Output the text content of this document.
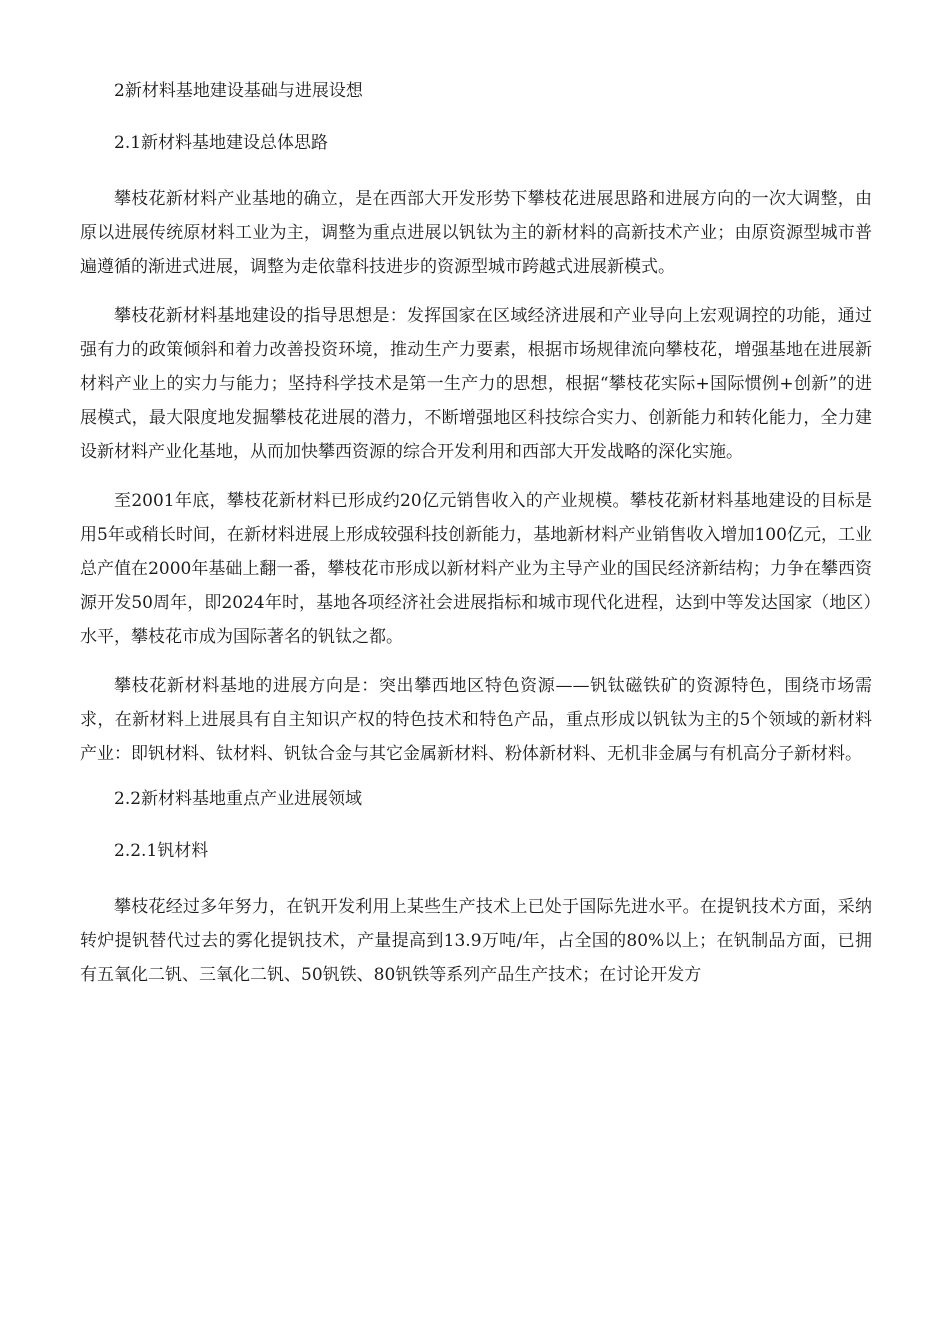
2新材料基地建设基础与进展设想

2.1新材料基地建设总体思路

攀枝花新材料产业基地的确立，是在西部大开发形势下攀枝花进展思路和进展方向的一次大调整，由原以进展传统原材料工业为主，调整为重点进展以钒钛为主的新材料的高新技术产业；由原资源型城市普遍遵循的渐进式进展，调整为走依靠科技进步的资源型城市跨越式进展新模式。

攀枝花新材料基地建设的指导思想是：发挥国家在区域经济进展和产业导向上宏观调控的功能，通过强有力的政策倾斜和着力改善投资环境，推动生产力要素，根据市场规律流向攀枝花，增强基地在进展新材料产业上的实力与能力；坚持科学技术是第一生产力的思想，根据“攀枝花实际+国际惯例+创新”的进展模式，最大限度地发掘攀枝花进展的潜力，不断增强地区科技综合实力、创新能力和转化能力，全力建设新材料产业化基地，从而加快攀西资源的综合开发利用和西部大开发战略的深化实施。

至2001年底，攀枝花新材料已形成约20亿元销售收入的产业规模。攀枝花新材料基地建设的目标是用5年或稍长时间，在新材料进展上形成较强科技创新能力，基地新材料产业销售收入增加100亿元，工业总产值在2000年基础上翻一番，攀枝花市形成以新材料产业为主导产业的国民经济新结构；力争在攀西资源开发50周年，即2024年时，基地各项经济社会进展指标和城市现代化进程，达到中等发达国家（地区）水平，攀枝花市成为国际著名的钒钛之都。

攀枝花新材料基地的进展方向是：突出攀西地区特色资源——钒钛磁铁矿的资源特色，围绕市场需求，在新材料上进展具有自主知识产权的特色技术和特色产品，重点形成以钒钛为主的5个领域的新材料产业：即钒材料、钛材料、钒钛合金与其它金属新材料、粉体新材料、无机非金属与有机高分子新材料。

2.2新材料基地重点产业进展领域

2.2.1钒材料

攀枝花经过多年努力，在钒开发利用上某些生产技术上已处于国际先进水平。在提钒技术方面，采纳转炉提钒替代过去的雾化提钒技术，产量提高到13.9万吨/年，占全国的80%以上；在钒制品方面，已拥有五氧化二钒、三氧化二钒、50钒铁、80钒铁等系列产品生产技术；在讨论开发方
